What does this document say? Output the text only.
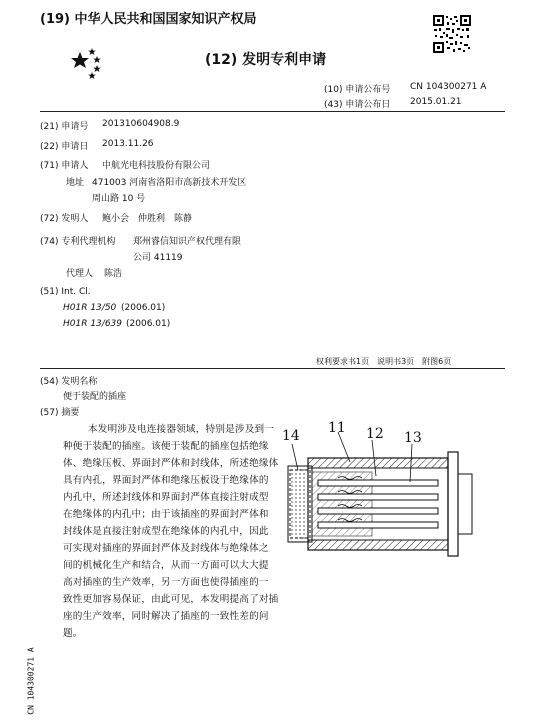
(19) 中华人民共和国国家知识产权局
(12) 发明专利申请
(10) 申请公布号 CN 104300271 A
(43) 申请公布日 2015.01.21
(21) 申请号 201310604908.9
(22) 申请日 2013.11.26
(71) 申请人 中航光电科技股份有限公司
地址 471003 河南省洛阳市高新技术开发区
周山路 10 号
(72) 发明人 鲍小会　仲胜利　陈静
(74) 专利代理机构 郑州睿信知识产权代理有限
公司 41119
代理人 陈浩
(51) Int. Cl.
H01R 13/50 (2006.01)
H01R 13/639 (2006.01)
权利要求书1页　说明书3页　附图6页
(54) 发明名称
便于装配的插座
(57) 摘要
本发明涉及电连接器领域，特别是涉及到一
种便于装配的插座。该便于装配的插座包括绝缘
体、绝缘压板、界面封严体和封线体，所述绝缘体
具有内孔，界面封严体和绝缘压板设于绝缘体的
内孔中，所述封线体和界面封严体直接注射成型
在绝缘体的内孔中；由于该插座的界面封严体和
封线体是直接注射成型在绝缘体的内孔中，因此
可实现对插座的界面封严体及封线体与绝缘体之
间的机械化生产和结合，从而一方面可以大大提
高对插座的生产效率，另一方面也使得插座的一
致性更加容易保证，由此可见，本发明提高了对插
座的生产效率，同时解决了插座的一致性差的问
题。
14 11 12 13
CN 104300271 A
